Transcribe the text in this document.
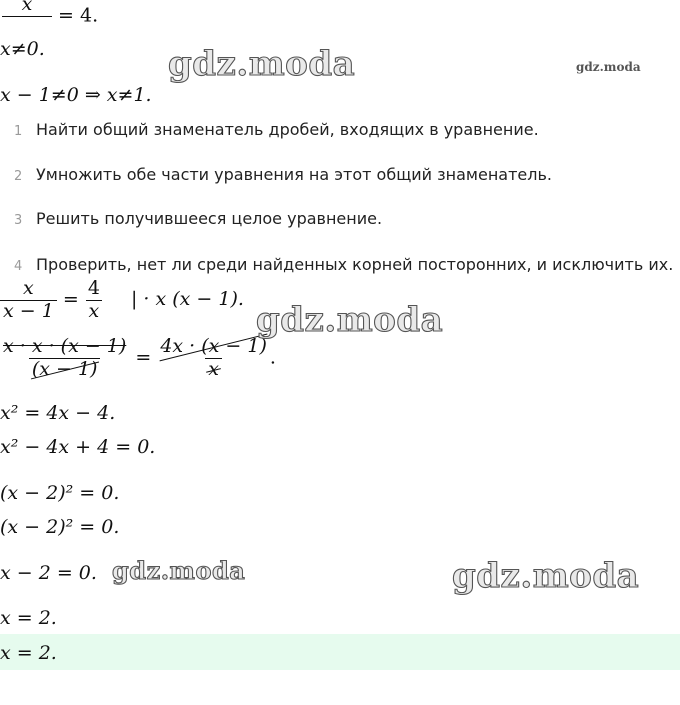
x

= 4.
x≠0.
x − 1≠0 ⇒ x≠1.
1 Найти общий знаменатель дробей, входящих в уравнение.
2 Умножить обе части уравнения на этот общий знаменатель.
3 Решить получившееся целое уравнение.
4 Проверить, нет ли среди найденных корней посторонних, и исключить их.
$\frac{x}{x - 1} = \frac{4}{x}$ | · x (x − 1).
$\frac{x \cdot x \cdot (x - 1)}{(x - 1)} = \frac{4x \cdot (x - 1)}{x}$ .
x² = 4x − 4.
x² − 4x + 4 = 0.
(x − 2)² = 0.
(x − 2)² = 0.
x − 2 = 0.
x = 2.
x = 2.
gdz.moda	gdz.moda
gdz.moda
gdz.moda	gdz.moda
